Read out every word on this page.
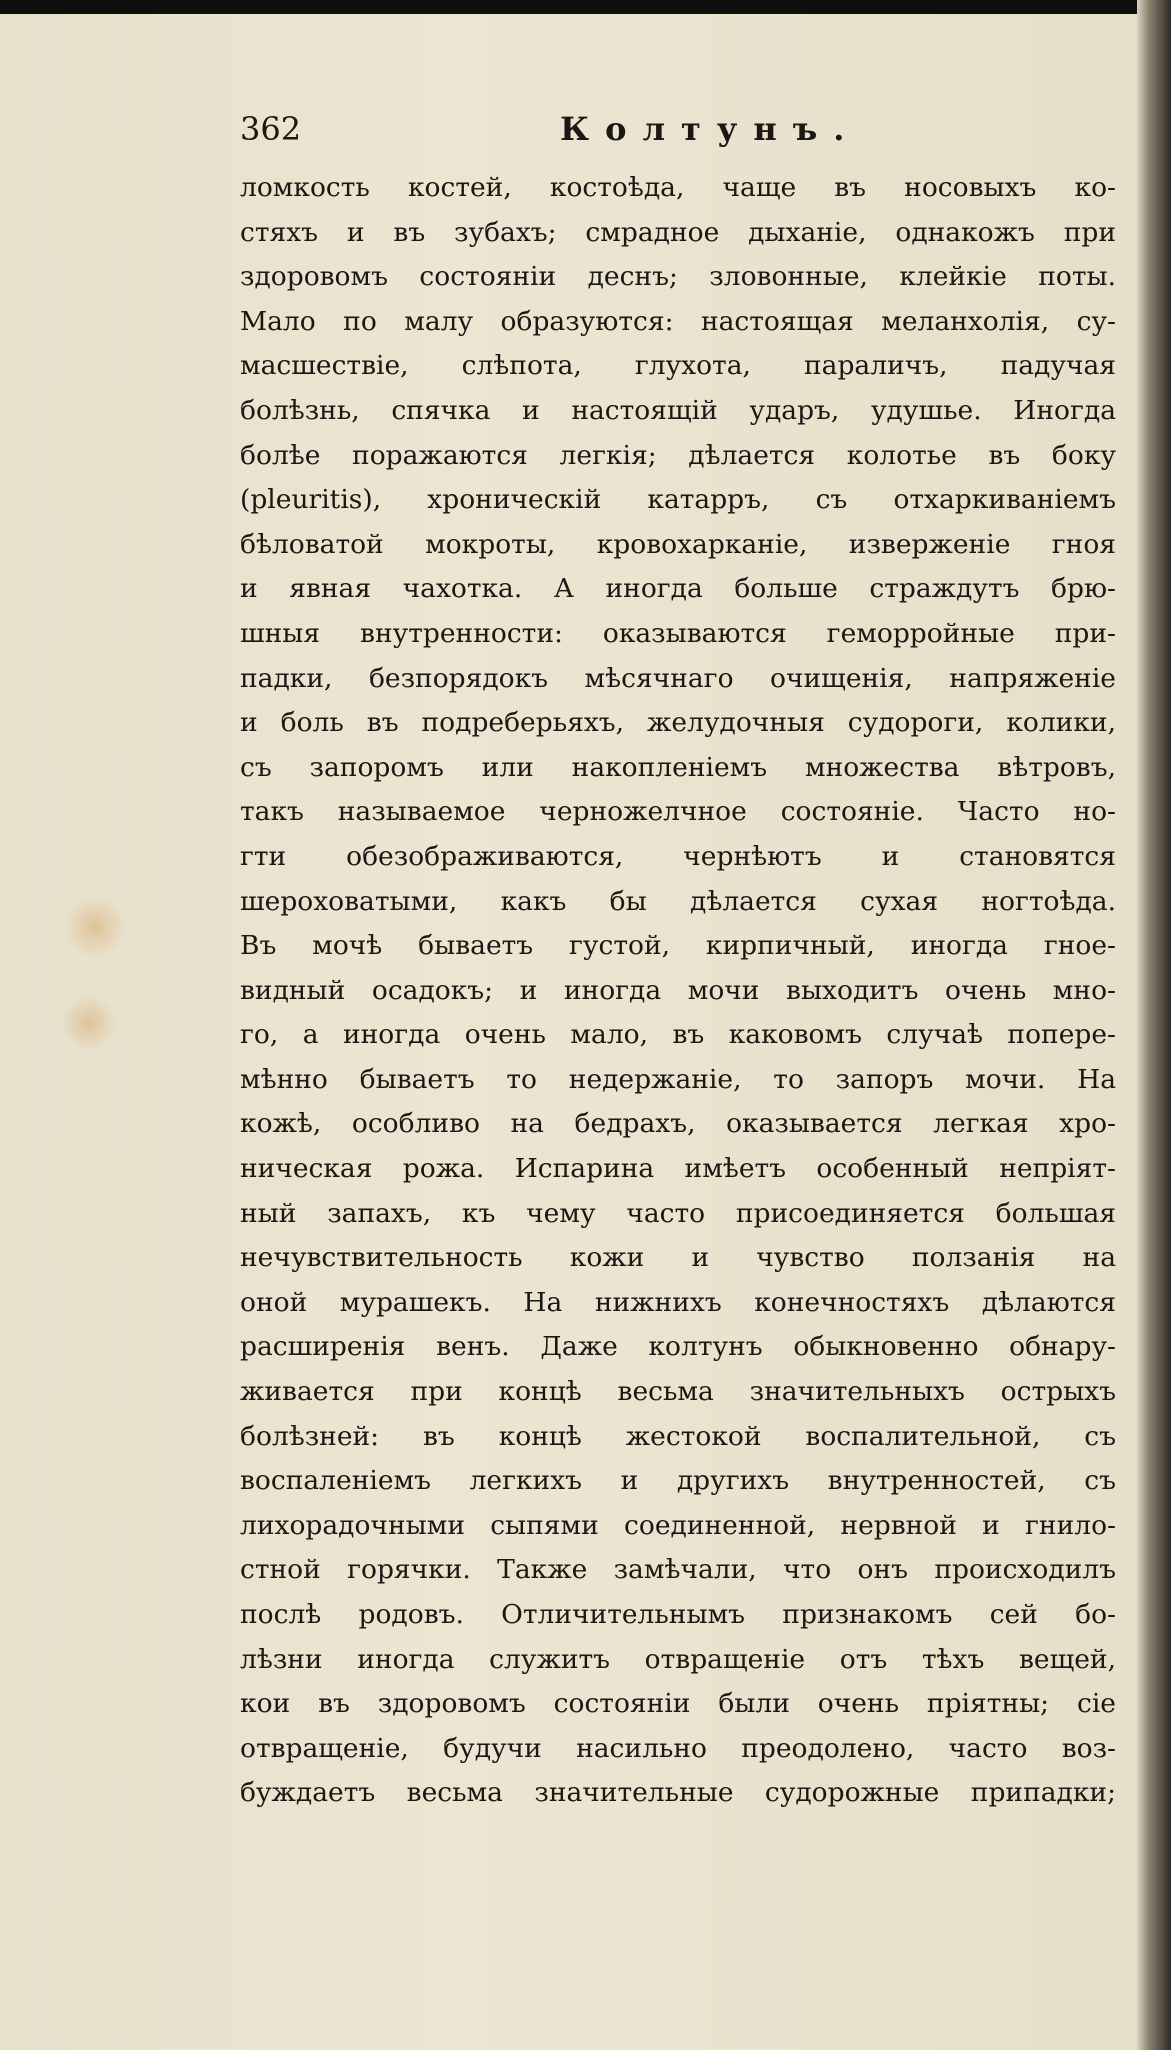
362	Колтунъ.
ломкость костей, костоѣда, чаще въ носовыхъ ко-
стяхъ и въ зубахъ; смрадное дыханіе, однакожъ при
здоровомъ состояніи деснъ; зловонные, клейкіе поты.
Мало по малу образуются: настоящая меланхолія, су-
масшествіе, слѣпота, глухота, параличъ, падучая
болѣзнь, спячка и настоящій ударъ, удушье. Иногда
болѣе поражаются легкія; дѣлается колотье въ боку
(pleuritis), хроническій катарръ, съ отхаркиваніемъ
бѣловатой мокроты, кровохарканіе, изверженіе гноя
и явная чахотка. А иногда больше страждутъ брю-
шныя внутренности: оказываются геморройные при-
падки, безпорядокъ мѣсячнаго очищенія, напряженіе
и боль въ подребeрьяхъ, желудочныя судороги, колики,
съ запоромъ или накопленіемъ множества вѣтровъ,
такъ называемое черножелчное состояніе. Часто но-
гти обезображиваются, чернѣютъ и становятся
шероховатыми, какъ бы дѣлается сухая ногтоѣда.
Въ мочѣ бываетъ густой, кирпичный, иногда гное-
видный осадокъ; и иногда мочи выходитъ очень мно-
го, а иногда очень мало, въ каковомъ случаѣ попере-
мѣнно бываетъ то недержаніе, то запоръ мочи. На
кожѣ, особливо на бедрахъ, оказывается легкая хро-
ническая рожа. Испарина имѣетъ особенный непріят-
ный запахъ, къ чему часто присоединяется большая
нечувствительность кожи и чувство ползанія на
оной мурашекъ. На нижнихъ конечностяхъ дѣлаются
расширенія венъ. Даже колтунъ обыкновенно обнару-
живается при концѣ весьма значительныхъ острыхъ
болѣзней: въ концѣ жестокой воспалительной, съ
воспаленіемъ легкихъ и другихъ внутренностей, съ
лихорадочными сыпями соединенной, нервной и гнило-
стной горячки. Также замѣчали, что онъ происходилъ
послѣ родовъ. Отличительнымъ признакомъ сей бо-
лѣзни иногда служитъ отвращеніе отъ тѣхъ вещей,
кои въ здоровомъ состояніи были очень пріятны; сіе
отвращеніе, будучи насильно преодолено, часто воз-
буждаетъ весьма значительные судорожные припадки;
